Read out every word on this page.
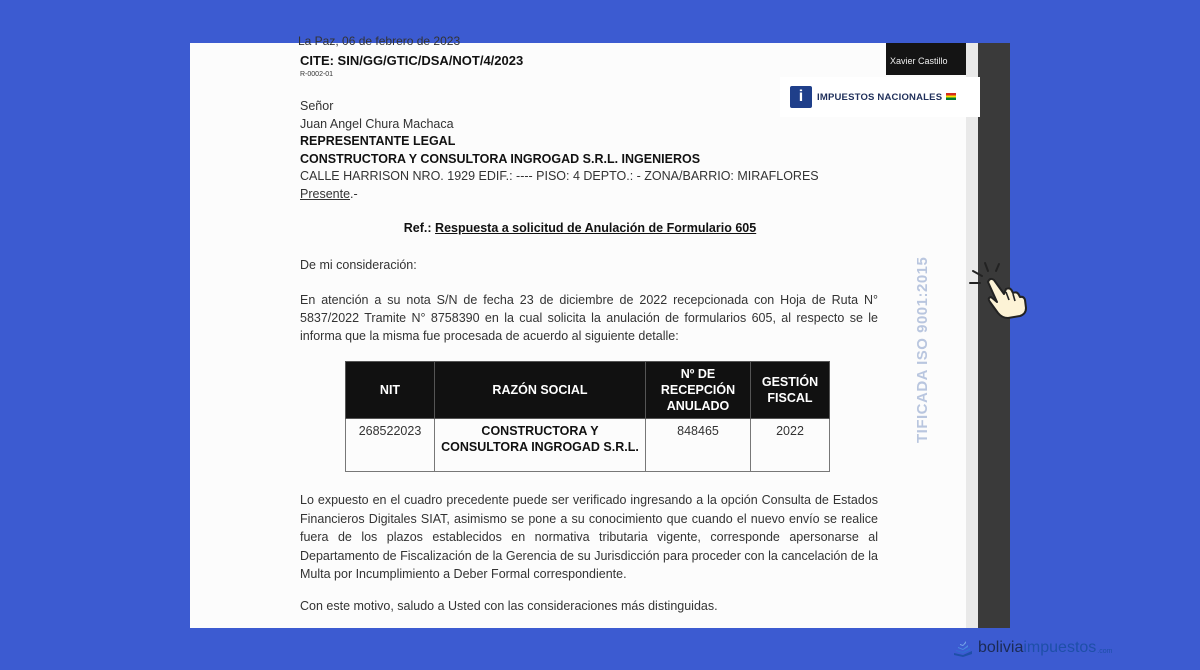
La Paz, 06 de febrero de 2023
CITE: SIN/GG/GTIC/DSA/NOT/4/2023
R-0002-01
Xavier Castillo
i	IMPUESTOS NACIONALES
Señor
Juan Angel Chura Machaca
REPRESENTANTE LEGAL
CONSTRUCTORA Y CONSULTORA INGROGAD S.R.L. INGENIEROS
CALLE HARRISON NRO. 1929 EDIF.: ---- PISO: 4 DEPTO.: - ZONA/BARRIO: MIRAFLORES
Presente.-
Ref.: Respuesta a solicitud de Anulación de Formulario 605
De mi consideración:
En atención a su nota S/N de fecha 23 de diciembre de 2022 recepcionada con Hoja de Ruta N° 5837/2022 Tramite N° 8758390 en la cual solicita la anulación de formularios 605, al respecto se le informa que la misma fue procesada de acuerdo al siguiente detalle:
NIT	RAZÓN SOCIAL	Nº DE RECEPCIÓN ANULADO	GESTIÓN FISCAL
268522023	CONSTRUCTORA Y CONSULTORA INGROGAD S.R.L.	848465	2022
Lo expuesto en el cuadro precedente puede ser verificado ingresando a la opción Consulta de Estados Financieros Digitales SIAT, asimismo se pone a su conocimiento que cuando el nuevo envío se realice fuera de los plazos establecidos en normativa tributaria vigente, corresponde apersonarse al Departamento de Fiscalización de la Gerencia de su Jurisdicción para proceder con la cancelación de la Multa por Incumplimiento a Deber Formal correspondiente.
Con este motivo, saludo a Usted con las consideraciones más distinguidas.
TIFICADA ISO 9001:2015
boliviaimpuestos .com
